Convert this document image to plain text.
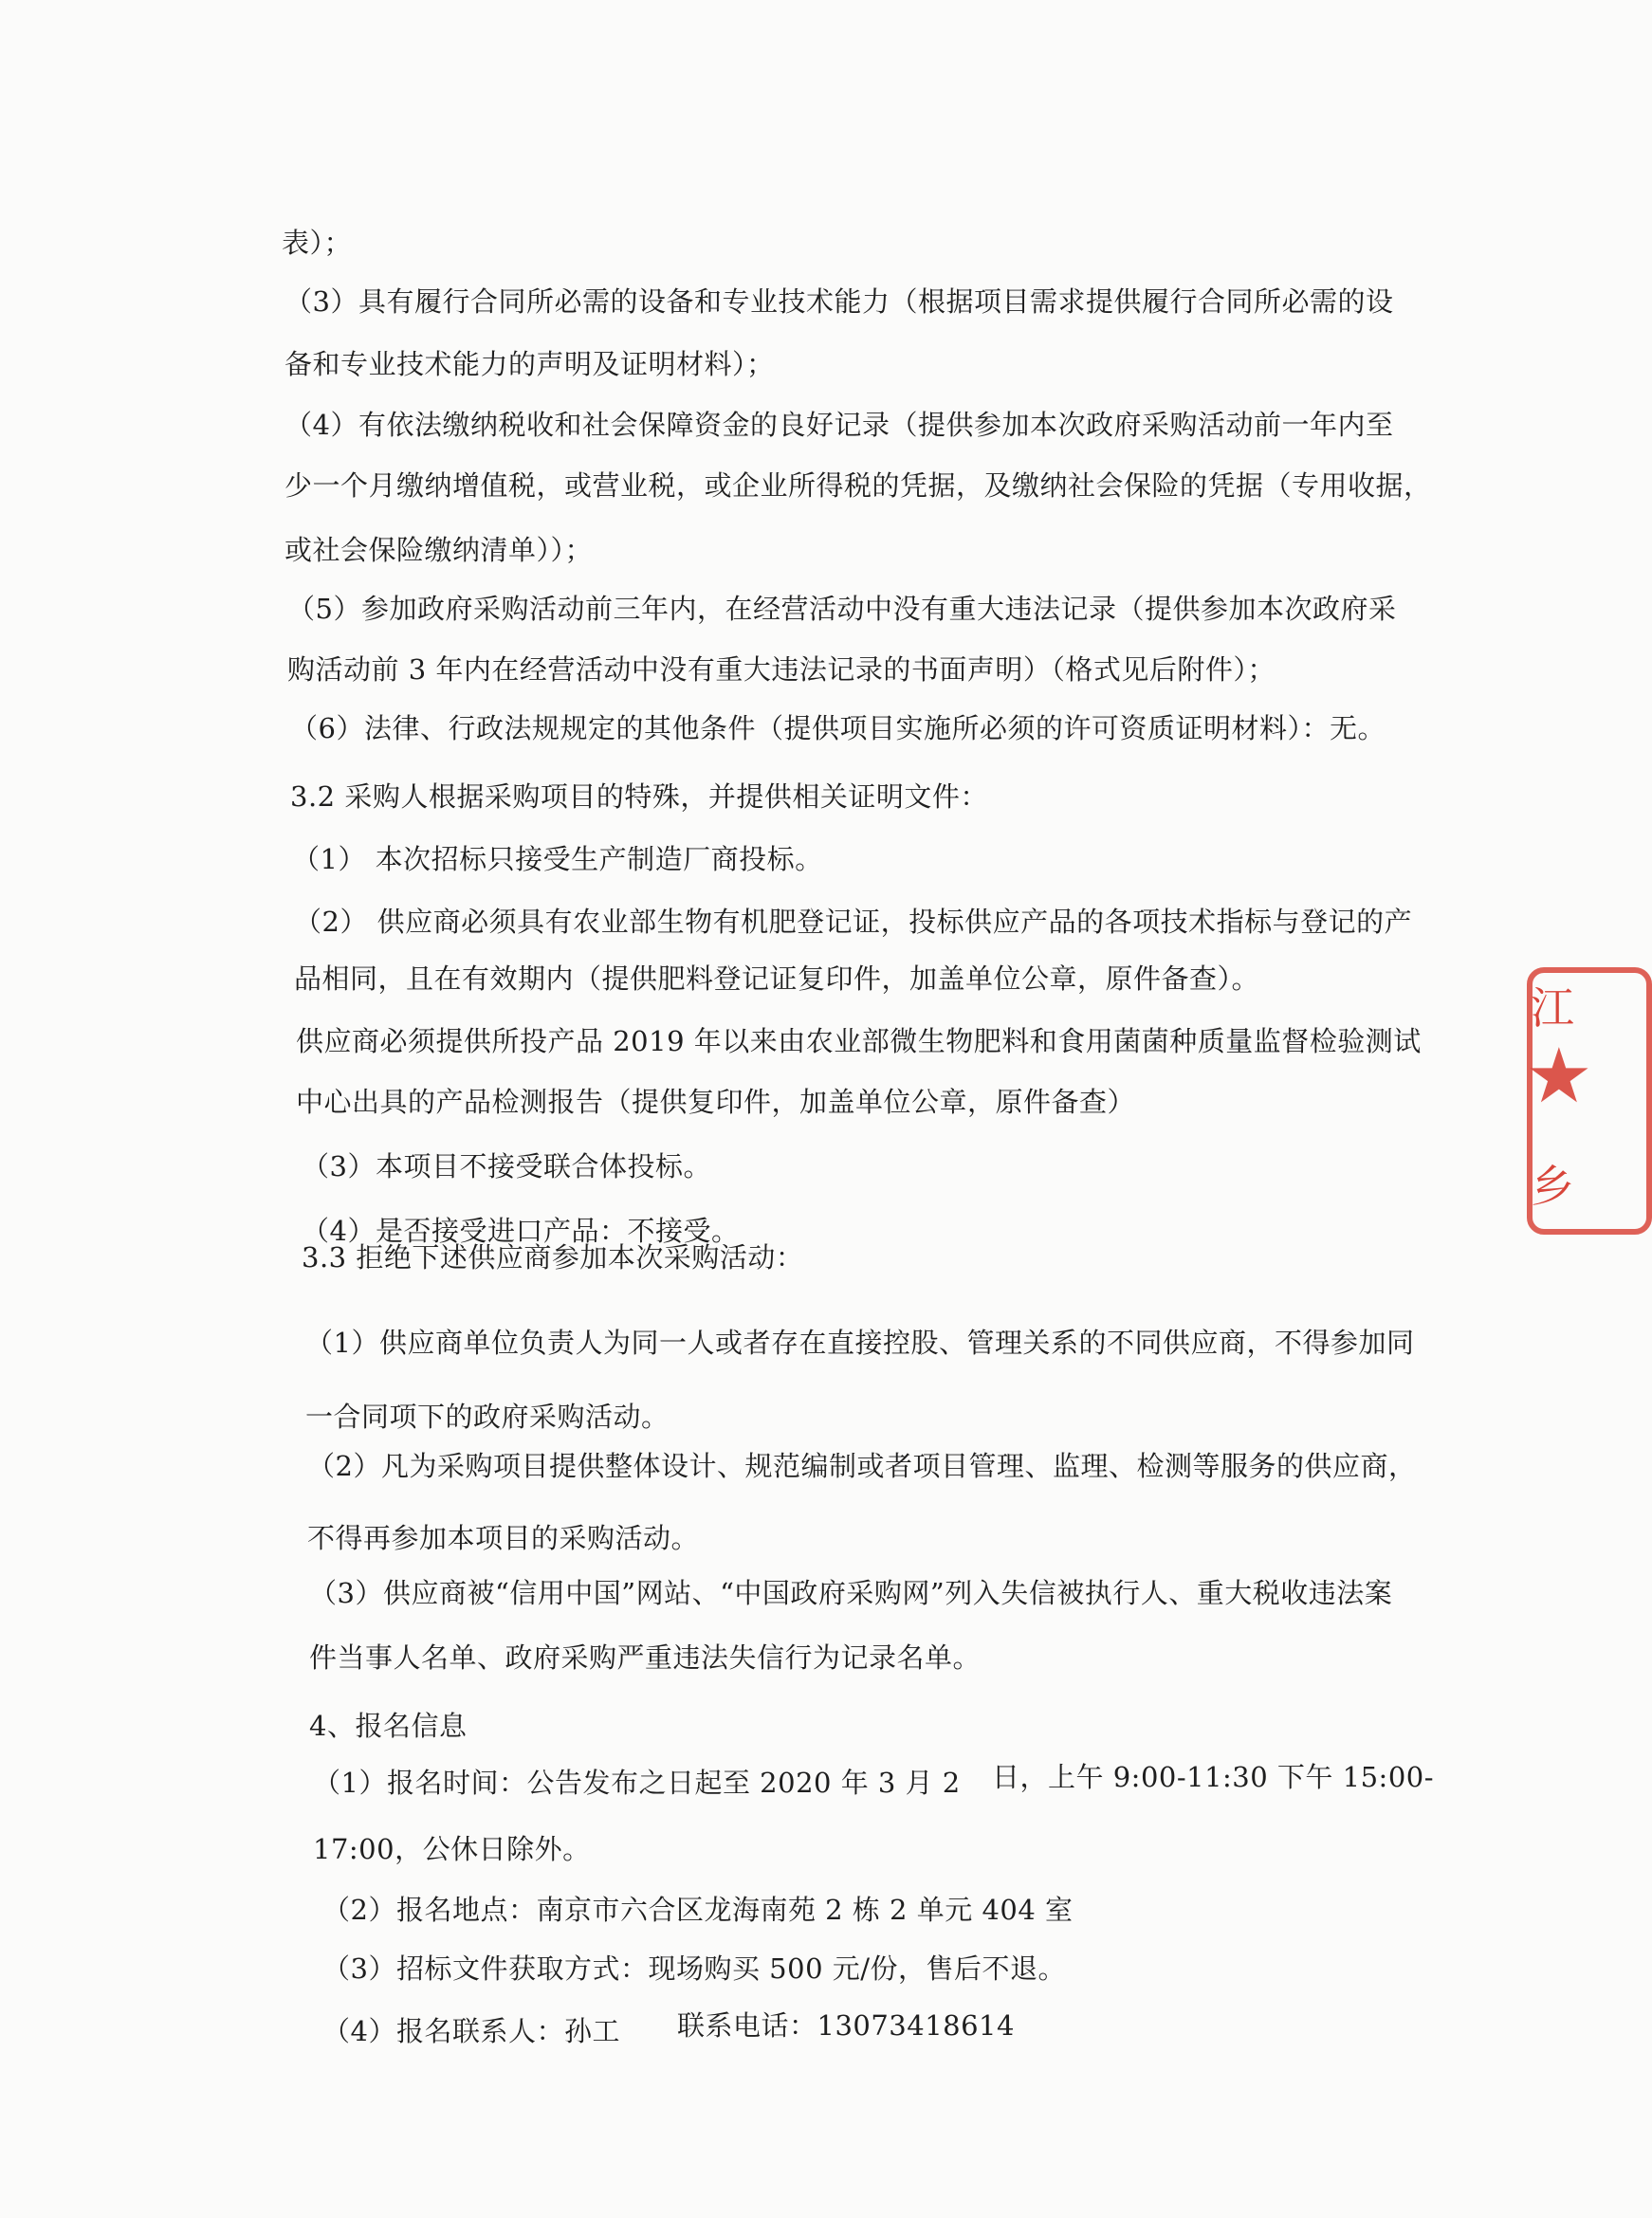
表）；
（3）具有履行合同所必需的设备和专业技术能力（根据项目需求提供履行合同所必需的设
备和专业技术能力的声明及证明材料）；
（4）有依法缴纳税收和社会保障资金的良好记录（提供参加本次政府采购活动前一年内至
少一个月缴纳增值税，或营业税，或企业所得税的凭据，及缴纳社会保险的凭据（专用收据，
或社会保险缴纳清单））；
（5）参加政府采购活动前三年内，在经营活动中没有重大违法记录（提供参加本次政府采
购活动前 3 年内在经营活动中没有重大违法记录的书面声明）（格式见后附件）；
（6）法律、行政法规规定的其他条件（提供项目实施所必须的许可资质证明材料）：无。
3.2 采购人根据采购项目的特殊，并提供相关证明文件：
（1） 本次招标只接受生产制造厂商投标。
（2） 供应商必须具有农业部生物有机肥登记证，投标供应产品的各项技术指标与登记的产
品相同，且在有效期内（提供肥料登记证复印件，加盖单位公章，原件备查）。
供应商必须提供所投产品 2019 年以来由农业部微生物肥料和食用菌菌种质量监督检验测试
中心出具的产品检测报告（提供复印件，加盖单位公章，原件备查）
（3）本项目不接受联合体投标。
（4）是否接受进口产品：不接受。
3.3 拒绝下述供应商参加本次采购活动：
（1）供应商单位负责人为同一人或者存在直接控股、管理关系的不同供应商，不得参加同
一合同项下的政府采购活动。
（2）凡为采购项目提供整体设计、规范编制或者项目管理、监理、检测等服务的供应商，
不得再参加本项目的采购活动。
（3）供应商被“信用中国”网站、“中国政府采购网”列入失信被执行人、重大税收违法案
件当事人名单、政府采购严重违法失信行为记录名单。
4、报名信息
（1）报名时间：公告发布之日起至 2020 年 3 月 2 日，上午 9:00-11:30 下午 15:00-
17:00，公休日除外。
（2）报名地点：南京市六合区龙海南苑 2 栋 2 单元 404 室
（3）招标文件获取方式：现场购买 500 元/份，售后不退。
（4）报名联系人：孙工 联系电话：13073418614
江
★
乡
